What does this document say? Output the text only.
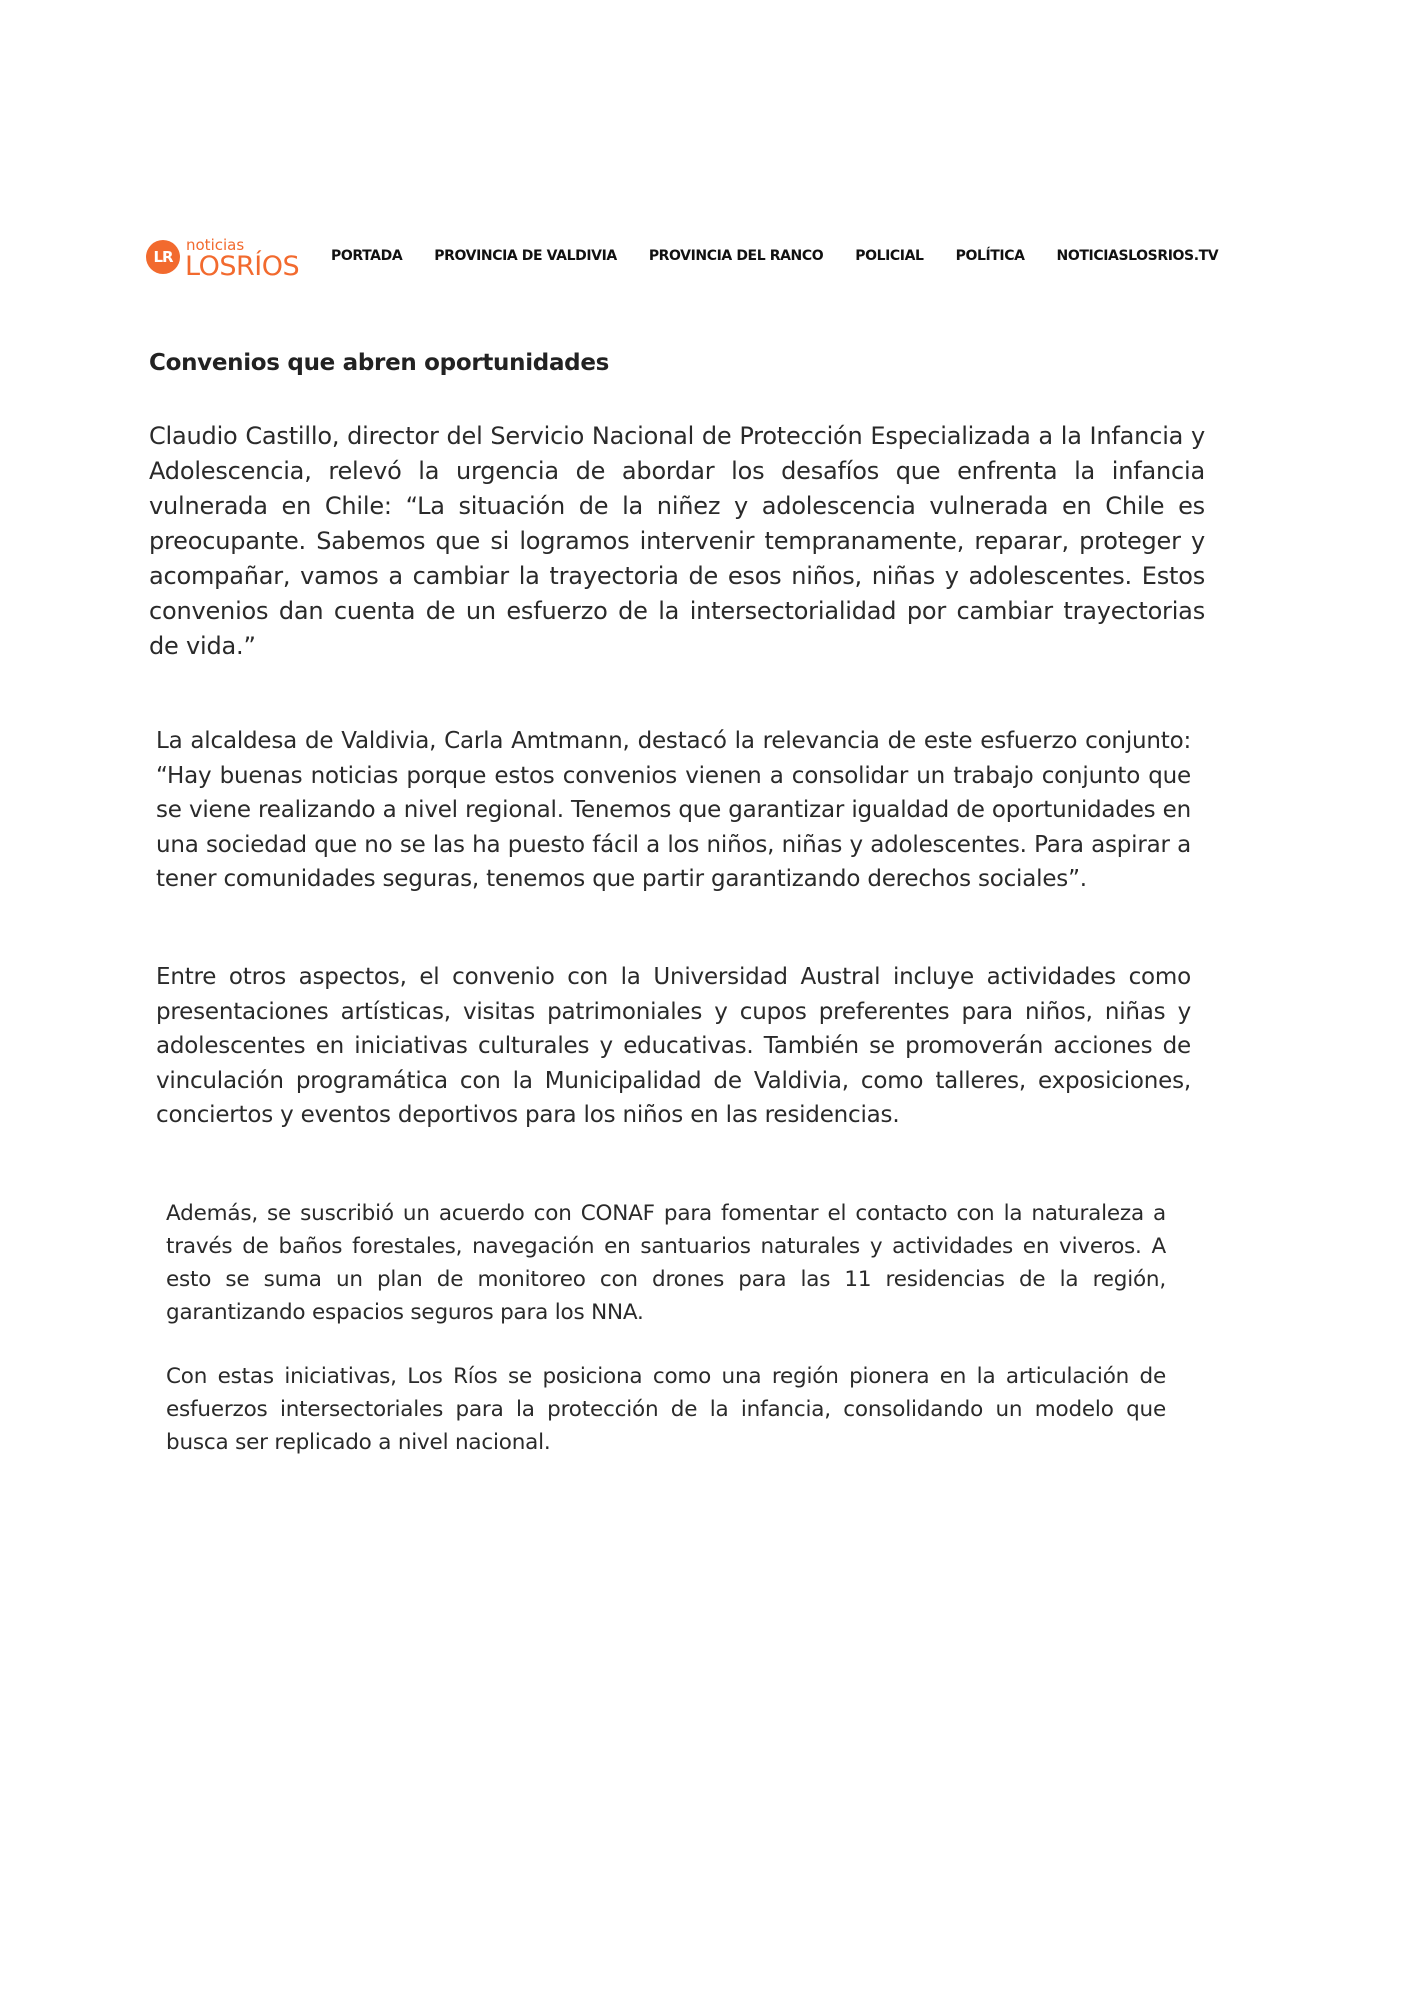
LR
noticias
LOSRÍOS PORTADA PROVINCIA DE VALDIVIA PROVINCIA DEL RANCO POLICIAL POLÍTICA NOTICIASLOSRIOS.TV
Convenios que abren oportunidades

Claudio Castillo, director del Servicio Nacional de Protección Especializada a la Infancia y Adolescencia, relevó la urgencia de abordar los desafíos que enfrenta la infancia vulnerada en Chile: “La situación de la niñez y adolescencia vulnerada en Chile es preocupante. Sabemos que si logramos intervenir tempranamente, reparar, proteger y acompañar, vamos a cambiar la trayectoria de esos niños, niñas y adolescentes. Estos convenios dan cuenta de un esfuerzo de la intersectorialidad por cambiar trayectorias de vida.”

La alcaldesa de Valdivia, Carla Amtmann, destacó la relevancia de este esfuerzo conjunto: “Hay buenas noticias porque estos convenios vienen a consolidar un trabajo conjunto que se viene realizando a nivel regional. Tenemos que garantizar igualdad de oportunidades en una sociedad que no se las ha puesto fácil a los niños, niñas y adolescentes. Para aspirar a tener comunidades seguras, tenemos que partir garantizando derechos sociales”.

Entre otros aspectos, el convenio con la Universidad Austral incluye actividades como presentaciones artísticas, visitas patrimoniales y cupos preferentes para niños, niñas y adolescentes en iniciativas culturales y educativas. También se promoverán acciones de vinculación programática con la Municipalidad de Valdivia, como talleres, exposiciones, conciertos y eventos deportivos para los niños en las residencias.

Además, se suscribió un acuerdo con CONAF para fomentar el contacto con la naturaleza a través de baños forestales, navegación en santuarios naturales y actividades en viveros. A esto se suma un plan de monitoreo con drones para las 11 residencias de la región, garantizando espacios seguros para los NNA.

Con estas iniciativas, Los Ríos se posiciona como una región pionera en la articulación de esfuerzos intersectoriales para la protección de la infancia, consolidando un modelo que busca ser replicado a nivel nacional.
